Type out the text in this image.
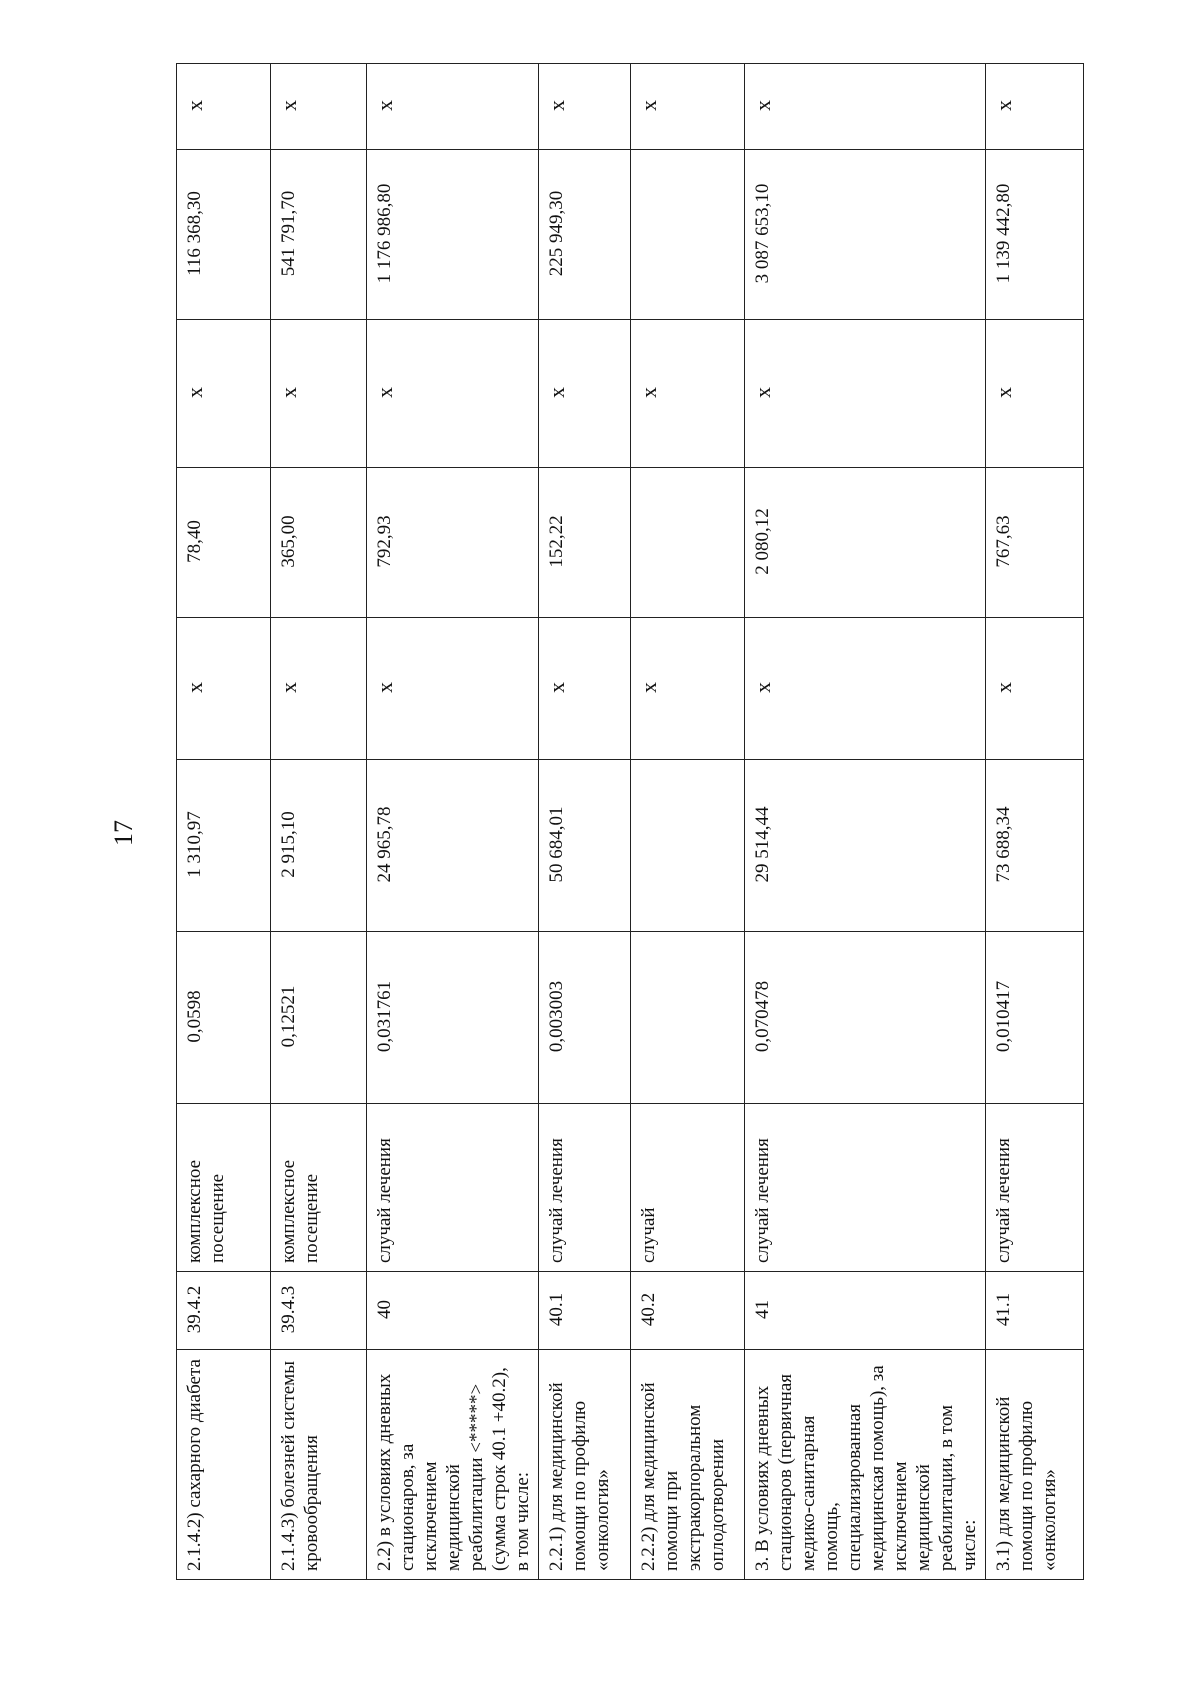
17
2.1.4.2) сахарного диабета	39.4.2	комплексное посещение	0,0598	1 310,97	x	78,40	x	116 368,30	x
2.1.4.3) болезней системы кровообращения	39.4.3	комплексное посещение	0,12521	2 915,10	x	365,00	x	541 791,70	x
2.2) в условиях дневных стационаров, за исключением медицинской реабилитации <*****> (сумма строк 40.1 +40.2), в том числе:	40	случай лечения	0,031761	24 965,78	x	792,93	x	1 176 986,80	x
2.2.1) для медицинской помощи по профилю «онкология»	40.1	случай лечения	0,003003	50 684,01	x	152,22	x	225 949,30	x
2.2.2) для медицинской помощи при экстракорпоральном оплодотворении	40.2	случай			x		x		x
3. В условиях дневных стационаров (первичная медико-санитарная помощь, специализированная медицинская помощь), за исключением медицинской реабилитации, в том числе:	41	случай лечения	0,070478	29 514,44	x	2 080,12	x	3 087 653,10	x
3.1) для медицинской помощи по профилю «онкология»	41.1	случай лечения	0,010417	73 688,34	x	767,63	x	1 139 442,80	x
